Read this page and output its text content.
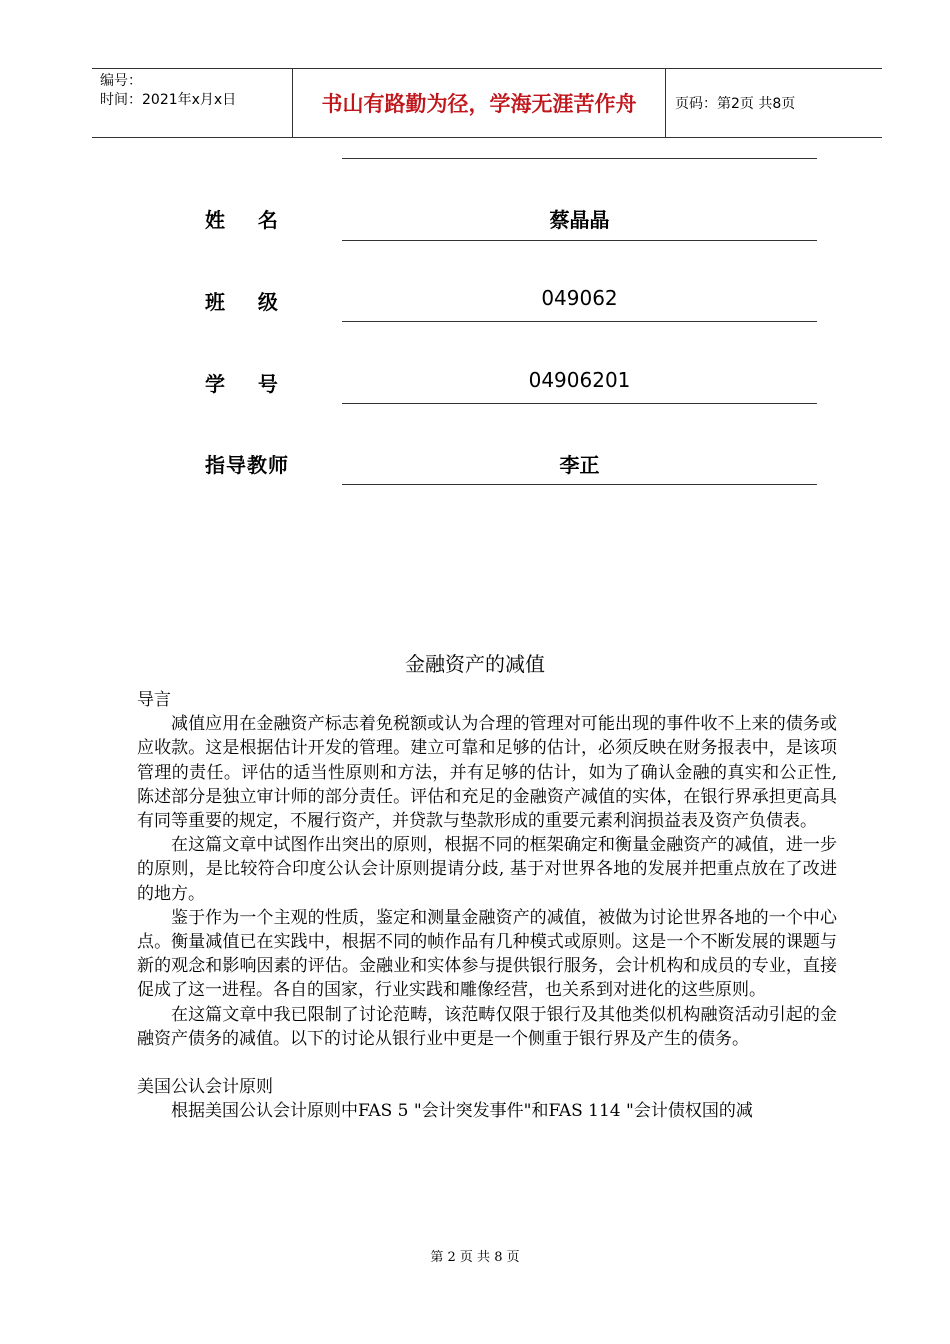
编号：
时间：2021年x月x日	书山有路勤为径，学海无涯苦作舟	页码：第2页 共8页
姓    名	蔡晶晶
班    级	049062
学    号	04906201
指导教师	李正
金融资产的减值

导言

减值应用在金融资产标志着免税额或认为合理的管理对可能出现的事件收不上来的债务或应收款。这是根据估计开发的管理。建立可靠和足够的估计，必须反映在财务报表中，是该项管理的责任。评估的适当性原则和方法，并有足够的估计，如为了确认金融的真实和公正性,陈述部分是独立审计师的部分责任。评估和充足的金融资产减值的实体，在银行界承担更高具有同等重要的规定，不履行资产，并贷款与垫款形成的重要元素利润损益表及资产负债表。

在这篇文章中试图作出突出的原则，根据不同的框架确定和衡量金融资产的减值，进一步的原则，是比较符合印度公认会计原则提请分歧, 基于对世界各地的发展并把重点放在了改进的地方。

鉴于作为一个主观的性质，鉴定和测量金融资产的减值，被做为讨论世界各地的一个中心点。衡量减值已在实践中，根据不同的帧作品有几种模式或原则。这是一个不断发展的课题与新的观念和影响因素的评估。金融业和实体参与提供银行服务，会计机构和成员的专业，直接促成了这一进程。各自的国家，行业实践和雕像经营，也关系到对进化的这些原则。

在这篇文章中我已限制了讨论范畴，该范畴仅限于银行及其他类似机构融资活动引起的金融资产债务的减值。以下的讨论从银行业中更是一个侧重于银行界及产生的债务。

美国公认会计原则

根据美国公认会计原则中FAS 5 "会计突发事件"和FAS 114 "会计债权国的减

第 2 页 共 8 页
